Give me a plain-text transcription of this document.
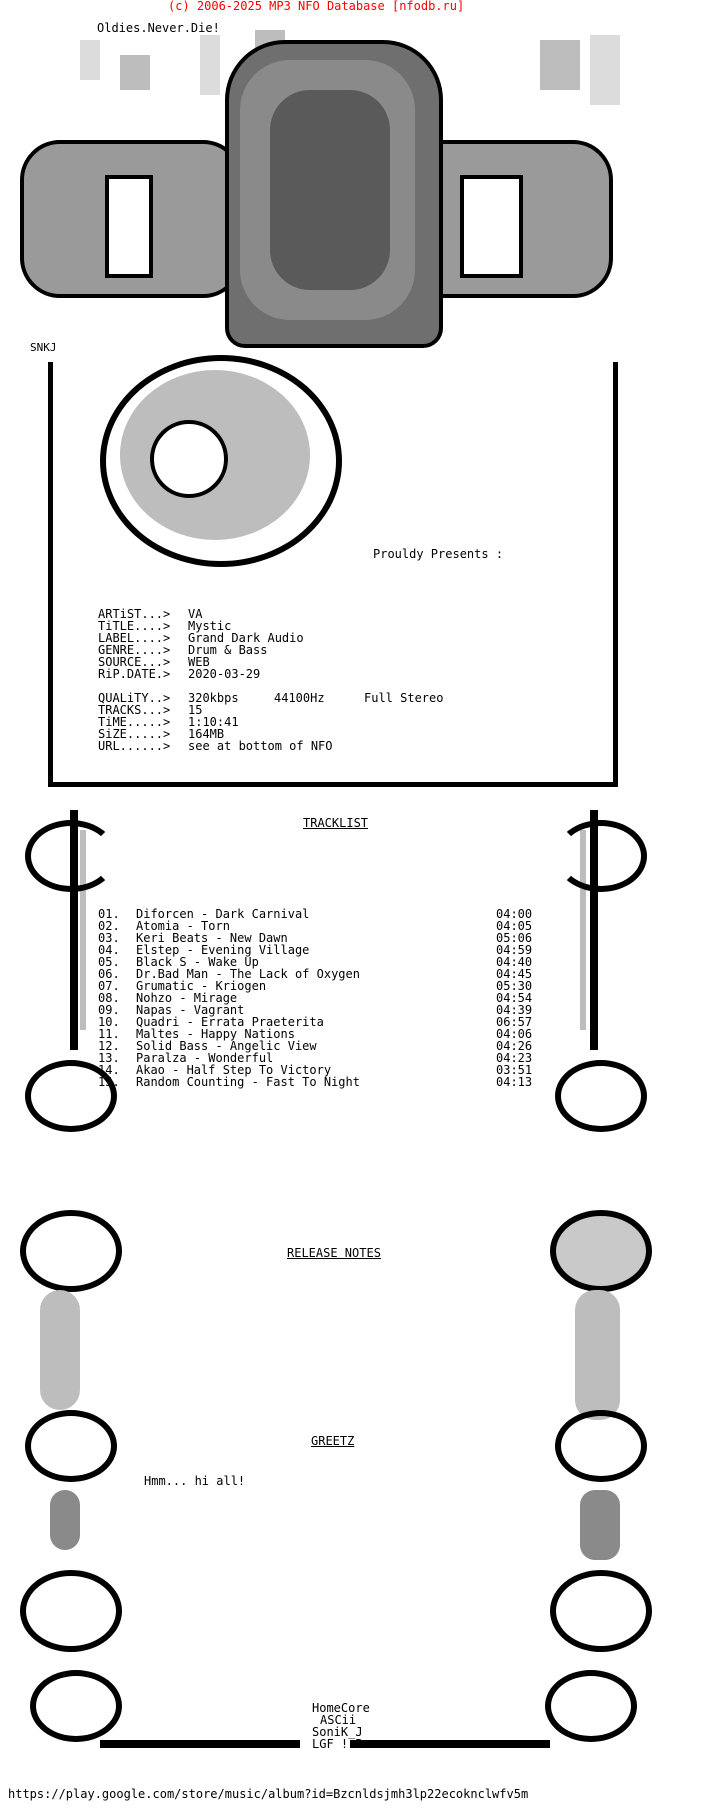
(c) 2006-2025 MP3 NFO Database [nfodb.ru]
Oldies.Never.Die!
SNKJ
Prouldy Presents :
ARTiST...> VA
TiTLE....> Mystic
LABEL....> Grand Dark Audio
GENRE....> Drum & Bass
SOURCE...> WEB
RiP.DATE.> 2020-03-29
QUALiTY..> 320kbps	44100Hz	Full Stereo
TRACKS...> 15
TiME.....> 1:10:41
SiZE.....> 164MB
URL......> see at bottom of NFO
TRACKLIST
01. Diforcen - Dark Carnival	04:00
02. Atomia - Torn	04:05
03. Keri Beats - New Dawn	05:06
04. Elstep - Evening Village	04:59
05. Black S - Wake Up	04:40
06. Dr.Bad Man - The Lack of Oxygen	04:45
07. Grumatic - Kriogen	05:30
08. Nohzo - Mirage	04:54
09. Napas - Vagrant	04:39
10. Quadri - Errata Praeterita	06:57
11. Maltes - Happy Nations	04:06
12. Solid Bass - Angelic View	04:26
13. Paralza - Wonderful	04:23
14. Akao - Half Step To Victory	03:51
15. Random Counting - Fast To Night	04:13
RELEASE NOTES
GREETZ
Hmm... hi all!
HomeCore
ASCii
SoniK_J
LGF ! Bv
https://play.google.com/store/music/album?id=Bzcnldsjmh3lp22ecoknclwfv5m
